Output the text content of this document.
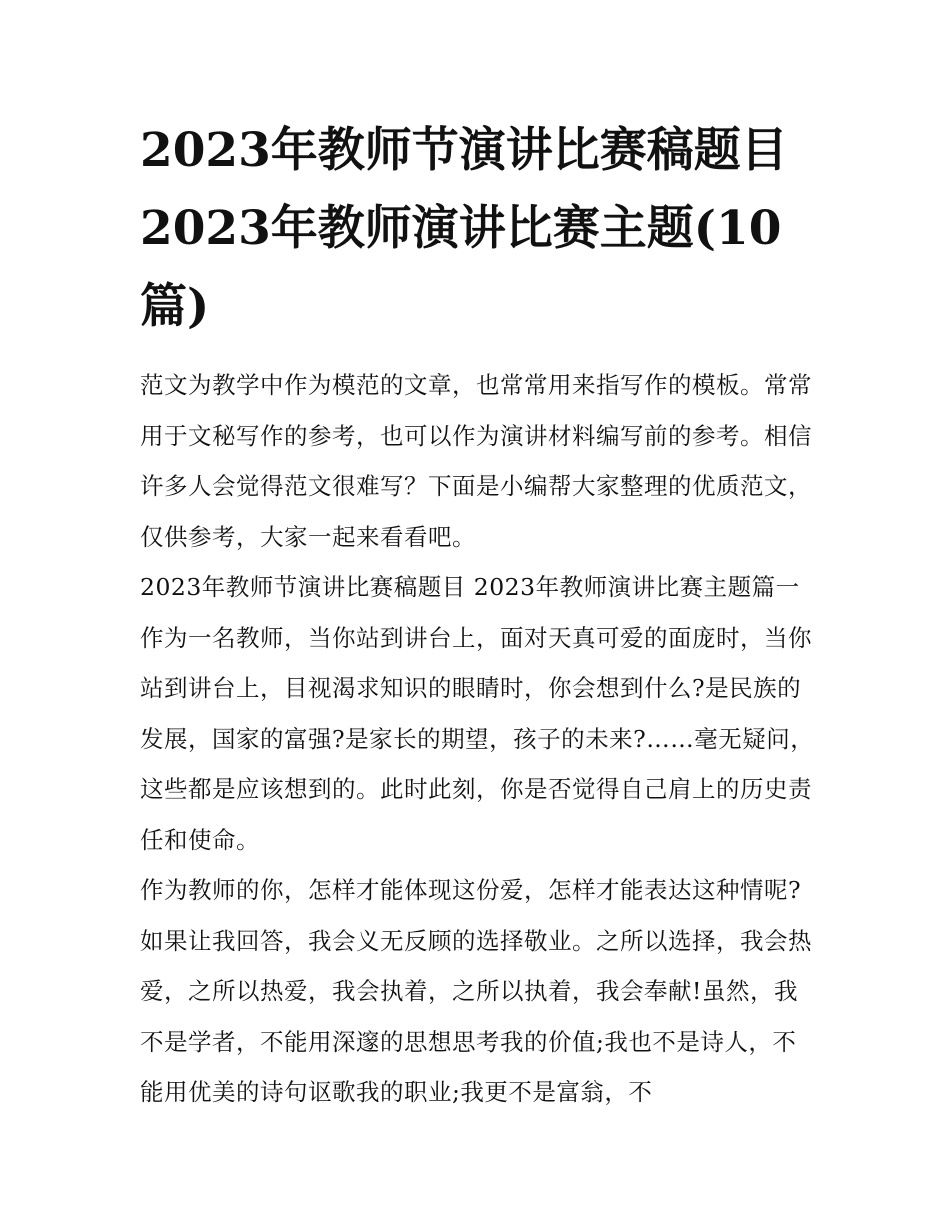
2023年教师节演讲比赛稿题目 2023年教师演讲比赛主题(10篇)

范文为教学中作为模范的文章，也常常用来指写作的模板。常常用于文秘写作的参考，也可以作为演讲材料编写前的参考。相信许多人会觉得范文很难写？下面是小编帮大家整理的优质范文，仅供参考，大家一起来看看吧。

2023年教师节演讲比赛稿题目 2023年教师演讲比赛主题篇一

作为一名教师，当你站到讲台上，面对天真可爱的面庞时，当你站到讲台上，目视渴求知识的眼睛时，你会想到什么?是民族的发展，国家的富强?是家长的期望，孩子的未来?……毫无疑问，这些都是应该想到的。此时此刻，你是否觉得自己肩上的历史责任和使命。

作为教师的你，怎样才能体现这份爱，怎样才能表达这种情呢?如果让我回答，我会义无反顾的选择敬业。之所以选择，我会热爱，之所以热爱，我会执着，之所以执着，我会奉献!虽然，我不是学者，不能用深邃的思想思考我的价值;我也不是诗人，不能用优美的诗句讴歌我的职业;我更不是富翁，不
